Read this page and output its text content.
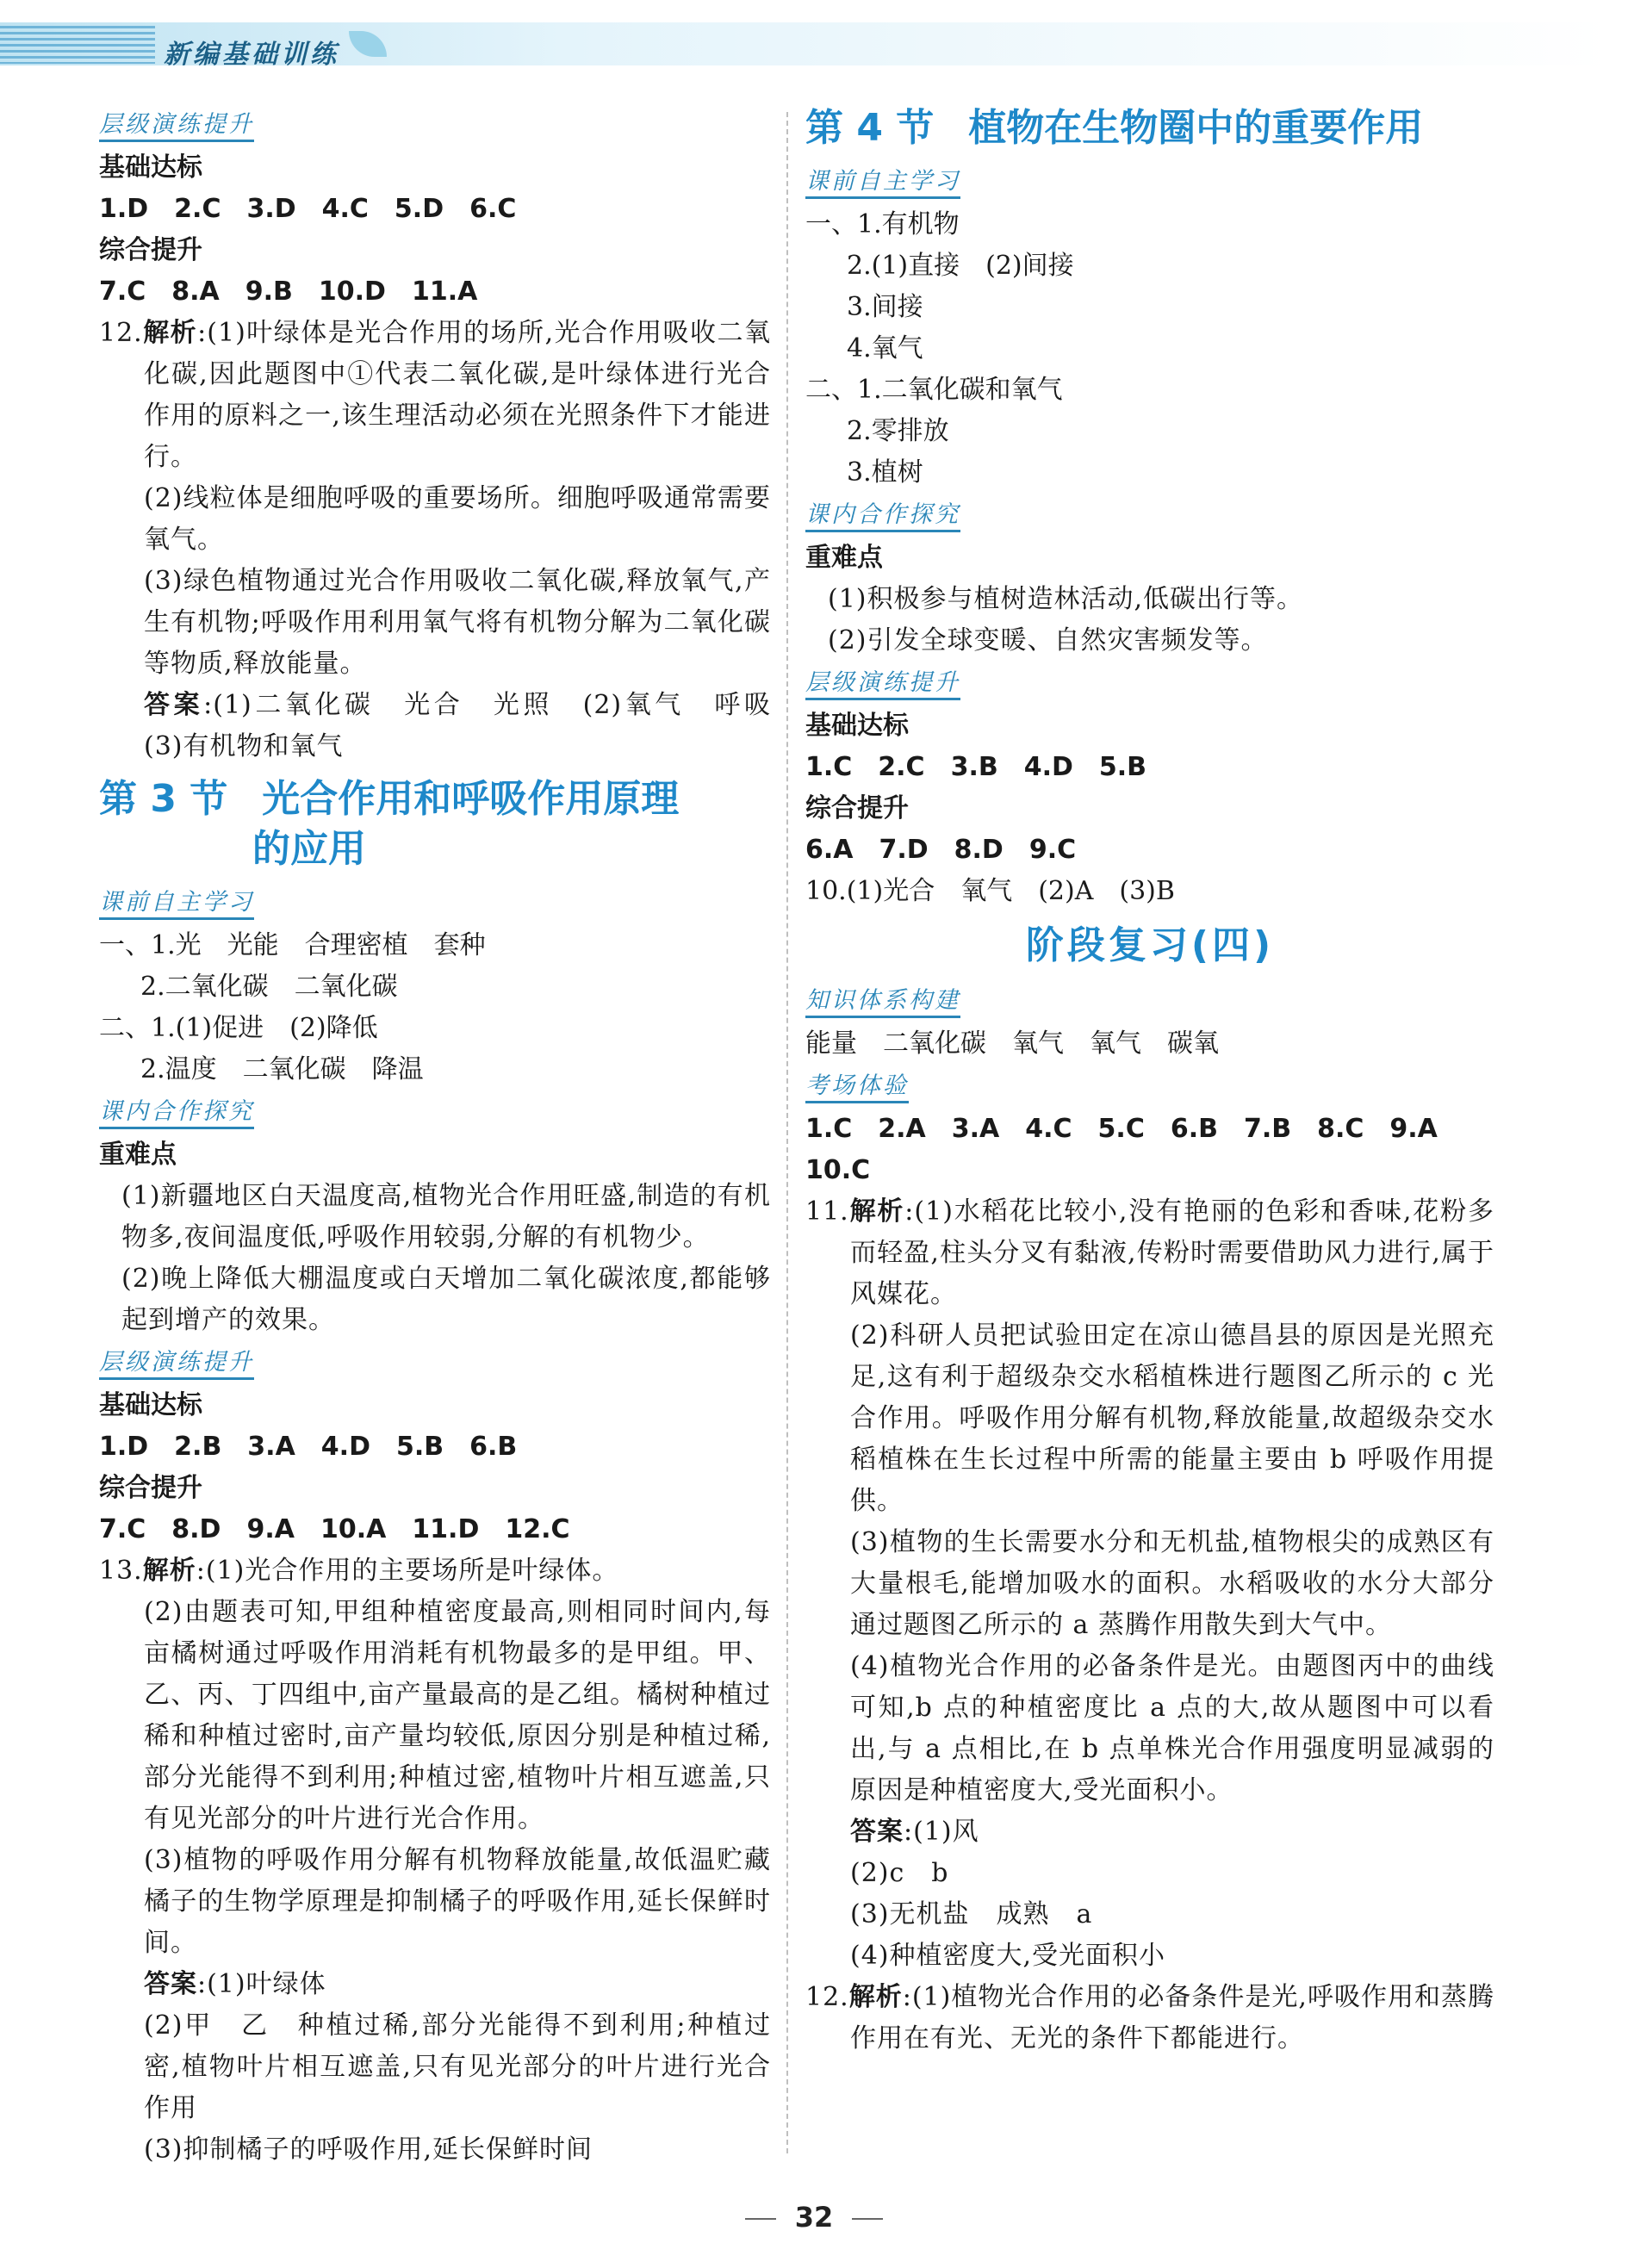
新编基础训练
层级演练提升
基础达标
1.D　2.C　3.D　4.C　5.D　6.C
综合提升
7.C　8.A　9.B　10.D　11.A
12.解析:(1)叶绿体是光合作用的场所,光合作用吸收二氧化碳,因此题图中①代表二氧化碳,是叶绿体进行光合作用的原料之一,该生理活动必须在光照条件下才能进行。
(2)线粒体是细胞呼吸的重要场所。细胞呼吸通常需要氧气。
(3)绿色植物通过光合作用吸收二氧化碳,释放氧气,产生有机物;呼吸作用利用氧气将有机物分解为二氧化碳等物质,释放能量。
答案:(1)二氧化碳　光合　光照　(2)氧气　呼吸　(3)有机物和氧气
第 3 节 光合作用和呼吸作用原理
的应用
课前自主学习
一、1.光　光能　合理密植　套种
2.二氧化碳　二氧化碳
二、1.(1)促进　(2)降低
2.温度　二氧化碳　降温
课内合作探究
重难点
(1)新疆地区白天温度高,植物光合作用旺盛,制造的有机物多,夜间温度低,呼吸作用较弱,分解的有机物少。
(2)晚上降低大棚温度或白天增加二氧化碳浓度,都能够起到增产的效果。
层级演练提升
基础达标
1.D　2.B　3.A　4.D　5.B　6.B
综合提升
7.C　8.D　9.A　10.A　11.D　12.C
13.解析:(1)光合作用的主要场所是叶绿体。
(2)由题表可知,甲组种植密度最高,则相同时间内,每亩橘树通过呼吸作用消耗有机物最多的是甲组。甲、乙、丙、丁四组中,亩产量最高的是乙组。橘树种植过稀和种植过密时,亩产量均较低,原因分别是种植过稀,部分光能得不到利用;种植过密,植物叶片相互遮盖,只有见光部分的叶片进行光合作用。
(3)植物的呼吸作用分解有机物释放能量,故低温贮藏橘子的生物学原理是抑制橘子的呼吸作用,延长保鲜时间。
答案:(1)叶绿体
(2)甲　乙　种植过稀,部分光能得不到利用;种植过密,植物叶片相互遮盖,只有见光部分的叶片进行光合作用
(3)抑制橘子的呼吸作用,延长保鲜时间
第 4 节 植物在生物圈中的重要作用
课前自主学习
一、1.有机物
2.(1)直接　(2)间接
3.间接
4.氧气
二、1.二氧化碳和氧气
2.零排放
3.植树
课内合作探究
重难点
(1)积极参与植树造林活动,低碳出行等。
(2)引发全球变暖、自然灾害频发等。
层级演练提升
基础达标
1.C　2.C　3.B　4.D　5.B
综合提升
6.A　7.D　8.D　9.C
10.(1)光合　氧气　(2)A　(3)B
阶段复习(四)
知识体系构建
能量　二氧化碳　氧气　氧气　碳氧
考场体验
1.C　2.A　3.A　4.C　5.C　6.B　7.B　8.C　9.A
10.C
11.解析:(1)水稻花比较小,没有艳丽的色彩和香味,花粉多而轻盈,柱头分叉有黏液,传粉时需要借助风力进行,属于风媒花。
(2)科研人员把试验田定在凉山德昌县的原因是光照充足,这有利于超级杂交水稻植株进行题图乙所示的 c 光合作用。呼吸作用分解有机物,释放能量,故超级杂交水稻植株在生长过程中所需的能量主要由 b 呼吸作用提供。
(3)植物的生长需要水分和无机盐,植物根尖的成熟区有大量根毛,能增加吸水的面积。水稻吸收的水分大部分通过题图乙所示的 a 蒸腾作用散失到大气中。
(4)植物光合作用的必备条件是光。由题图丙中的曲线可知,b 点的种植密度比 a 点的大,故从题图中可以看出,与 a 点相比,在 b 点单株光合作用强度明显减弱的原因是种植密度大,受光面积小。
答案:(1)风
(2)c　b
(3)无机盐　成熟　a
(4)种植密度大,受光面积小
12.解析:(1)植物光合作用的必备条件是光,呼吸作用和蒸腾作用在有光、无光的条件下都能进行。
32
